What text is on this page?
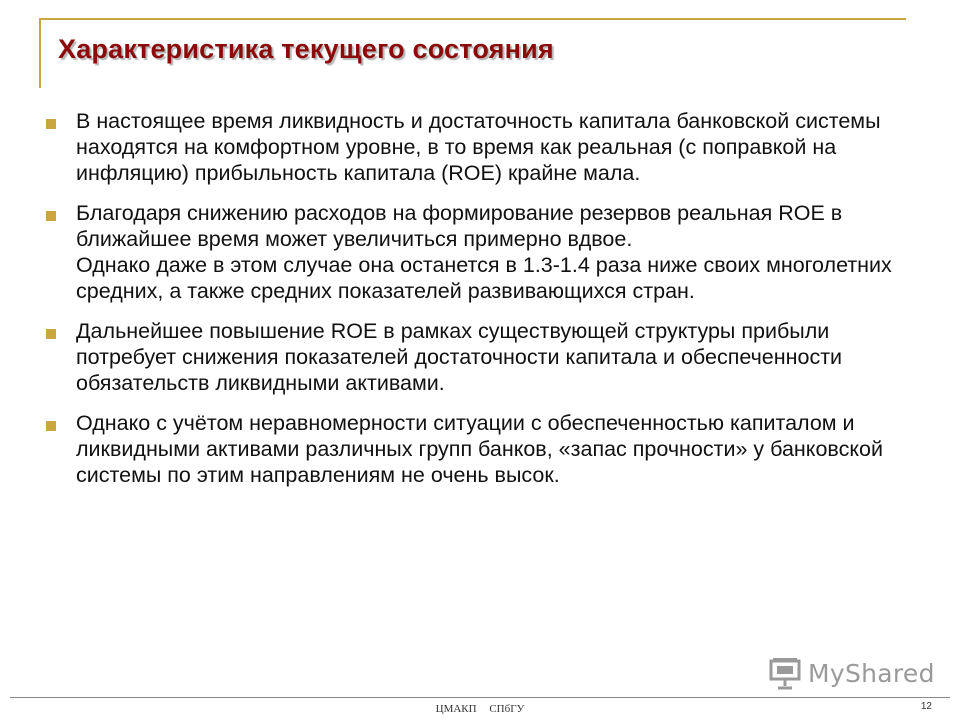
Характеристика текущего состояния
В настоящее время ликвидность и достаточность капитала банковской системы находятся на комфортном уровне, в то время как реальная (с поправкой на инфляцию) прибыльность капитала (ROE) крайне мала.
Благодаря снижению расходов на формирование резервов реальная ROE в ближайшее время может увеличиться примерно вдвое.
Однако даже в этом случае она останется в 1.3-1.4 раза ниже своих многолетних средних, а также средних показателей развивающихся стран.
Дальнейшее повышение ROE в рамках существующей структуры прибыли потребует снижения показателей достаточности капитала и обеспеченности обязательств ликвидными активами.
Однако с учётом неравномерности ситуации с обеспеченностью капиталом и ликвидными активами различных групп банков, «запас прочности» у банковской системы по этим направлениям не очень высок.
MyShared
ЦМАКП СПбГУ	12
